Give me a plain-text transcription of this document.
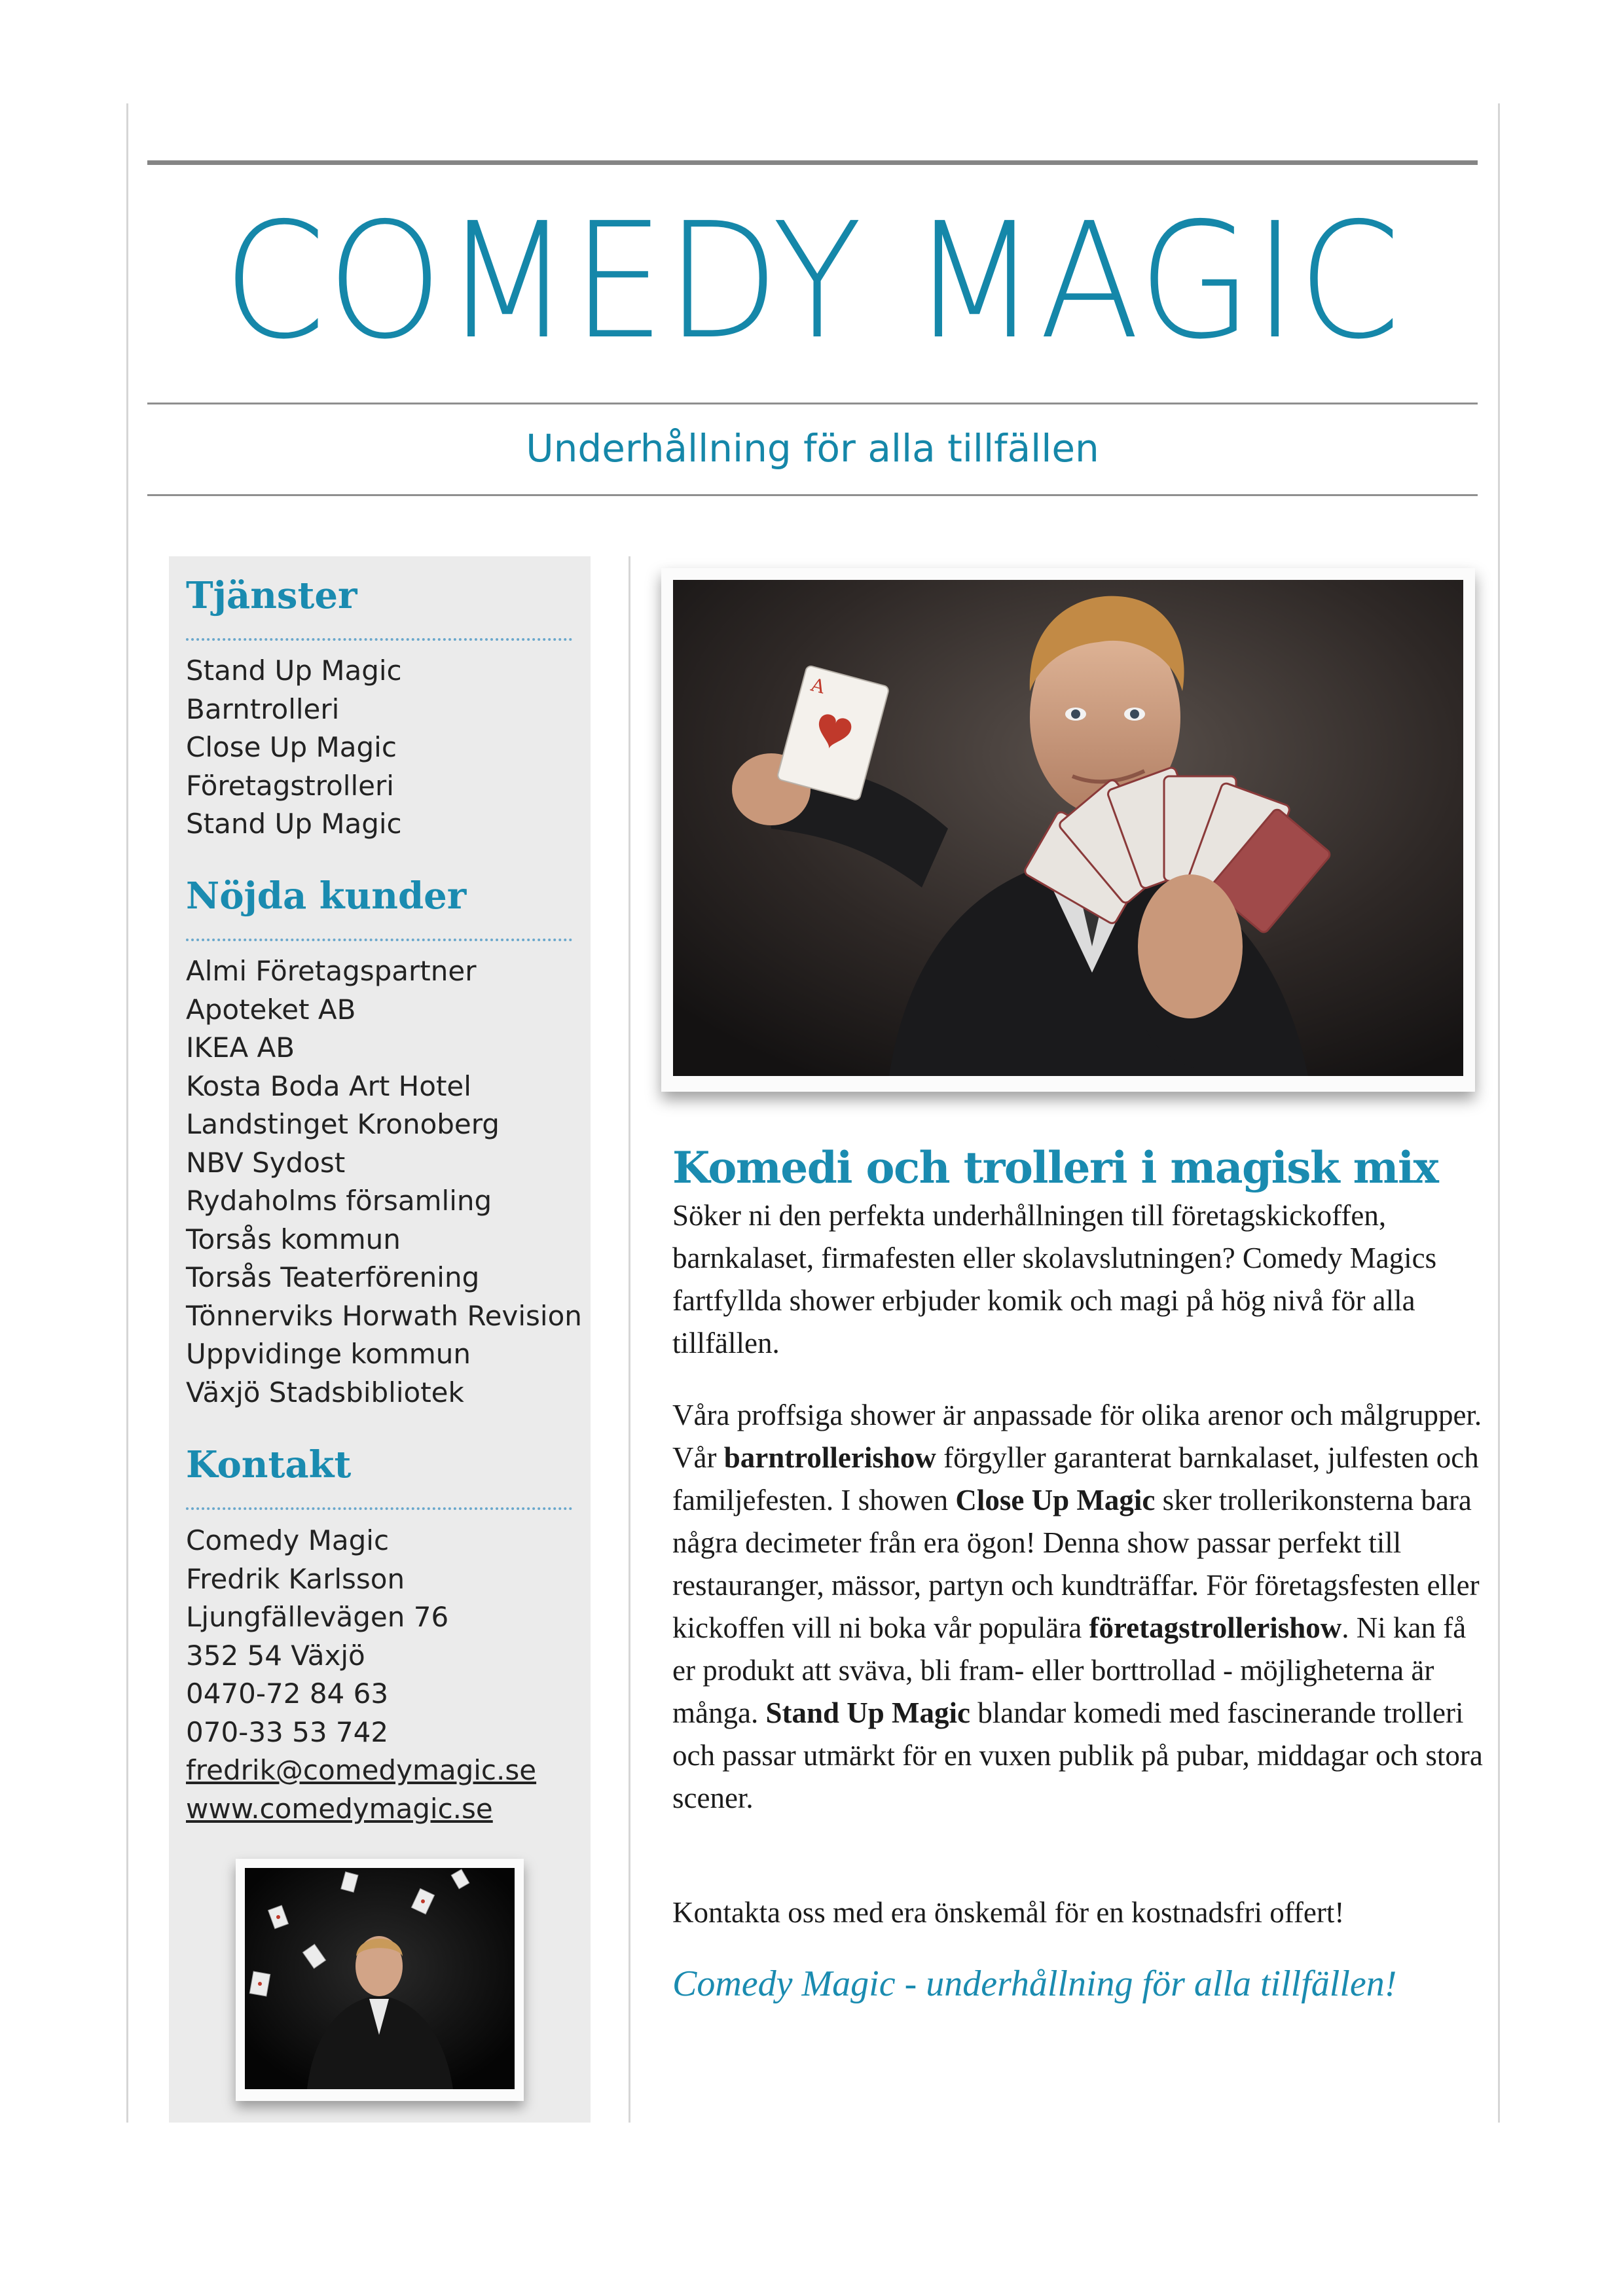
COMEDY MAGIC
Underhållning för alla tillfällen
Tjänster
Stand Up Magic
Barntrolleri
Close Up Magic
Företagstrolleri
Stand Up Magic
Nöjda kunder
Almi Företagspartner
Apoteket AB
IKEA AB
Kosta Boda Art Hotel
Landstinget Kronoberg
NBV Sydost
Rydaholms församling
Torsås kommun
Torsås Teaterförening
Tönnerviks Horwath Revision
Uppvidinge kommun
Växjö Stadsbibliotek
Kontakt
Comedy Magic
Fredrik Karlsson
Ljungfällevägen 76
352 54 Växjö
0470-72 84 63
070-33 53 742
fredrik@comedymagic.se
www.comedymagic.se
A
Komedi och trolleri i magisk mix

Söker ni den perfekta underhållningen till företagskickoffen, barnkalaset, firmafesten eller skolavslutningen? Comedy Magics fartfyllda shower erbjuder komik och magi på hög nivå för alla tillfällen.

Våra proffsiga shower är anpassade för olika arenor och målgrupper. Vår barntrollerishow förgyller garanterat barnkalaset, julfesten och familjefesten. I showen Close Up Magic sker trollerikonsterna bara några decimeter från era ögon! Denna show passar perfekt till restauranger, mässor, partyn och kundträffar. För företagsfesten eller kickoffen vill ni boka vår populära företagstrollerishow. Ni kan få er produkt att sväva, bli fram- eller borttrollad - möjligheterna är många. Stand Up Magic blandar komedi med fascinerande trolleri och passar utmärkt för en vuxen publik på pubar, middagar och stora scener.

Kontakta oss med era önskemål för en kostnadsfri offert!

Comedy Magic - underhållning för alla tillfällen!
